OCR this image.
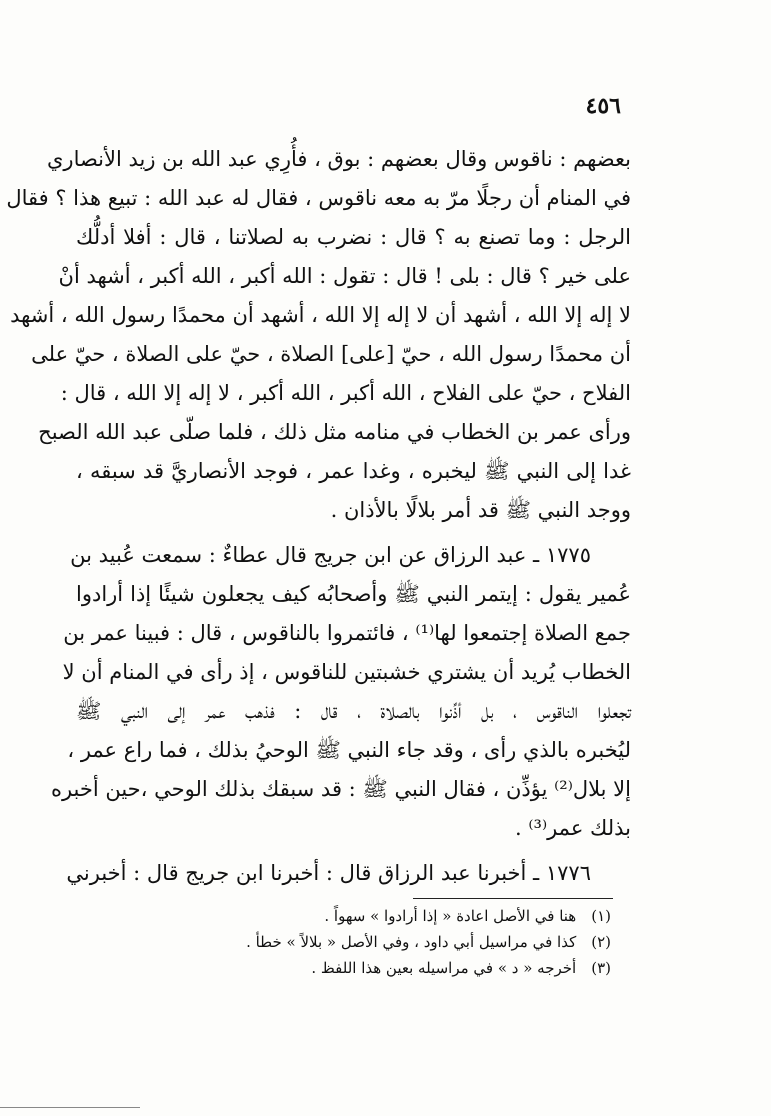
٤٥٦
بعضهم : ناقوس وقال بعضهم : بوق ، فأُرِي عبد الله بن زيد الأنصاري
في المنام أن رجلًا مرّ به معه ناقوس ، فقال له عبد الله : تبيع هذا ؟ فقال
الرجل : وما تصنع به ؟ قال : نضرب به لصلاتنا ، قال : أفلا أدلُّك
على خير ؟ قال : بلى ! قال : تقول : الله أكبر ، الله أكبر ، أشهد أنْ
لا إله إلا الله ، أشهد أن لا إله إلا الله ، أشهد أن محمدًا رسول الله ، أشهد
أن محمدًا رسول الله ، حيّ [على] الصلاة ، حيّ على الصلاة ، حيّ على
الفلاح ، حيّ على الفلاح ، الله أكبر ، الله أكبر ، لا إله إلا الله ، قال :
ورأى عمر بن الخطاب في منامه مثل ذلك ، فلما صلّى عبد الله الصبح
غدا إلى النبي ﷺ ليخبره ، وغدا عمر ، فوجد الأنصاريَّ قد سبقه ،
ووجد النبي ﷺ قد أمر بلالًا بالأذان .
١٧٧٥ ـ عبد الرزاق عن ابن جريج قال عطاءٌ : سمعت عُبيد بن
عُمير يقول : إيتمر النبي ﷺ وأصحابُه كيف يجعلون شيئًا إذا أرادوا
جمع الصلاة إجتمعوا لها⁽¹⁾ ، فائتمروا بالناقوس ، قال : فبينا عمر بن
الخطاب يُريد أن يشتري خشبتين للناقوس ، إذ رأى في المنام أن لا
تجعلوا الناقوس ، بل أذِّنوا بالصلاة ، قال : فذهب عمر إلى النبي ﷺ
ليُخبره بالذي رأى ، وقد جاء النبي ﷺ الوحيُ بذلك ، فما راع عمر ،
إلا بلال⁽²⁾ يؤذِّن ، فقال النبي ﷺ : قد سبقك بذلك الوحي ،حين أخبره
بذلك عمر⁽³⁾ .
١٧٧٦ ـ أخبرنا عبد الرزاق قال : أخبرنا ابن جريج قال : أخبرني
(١) هنا في الأصل اعادة « إذا أرادوا » سهواً .
(٢) كذا في مراسيل أبي داود ، وفي الأصل « بلالاً » خطأ .
(٣) أخرجه « د » في مراسيله بعين هذا اللفظ .
